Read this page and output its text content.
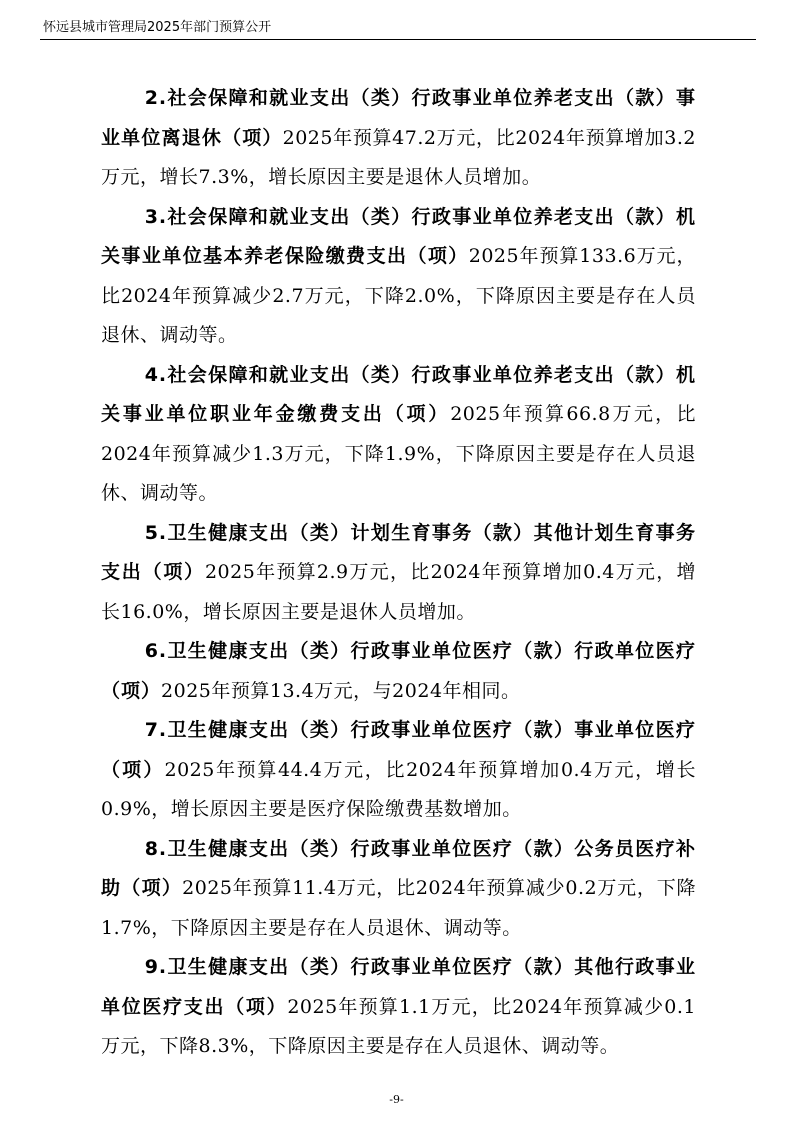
怀远县城市管理局2025年部门预算公开

2.社会保障和就业支出（类）行政事业单位养老支出（款）事业单位离退休（项）2025年预算47.2万元，比2024年预算增加3.2万元，增长7.3%，增长原因主要是退休人员增加。

3.社会保障和就业支出（类）行政事业单位养老支出（款）机关事业单位基本养老保险缴费支出（项）2025年预算133.6万元，比2024年预算减少2.7万元，下降2.0%，下降原因主要是存在人员退休、调动等。

4.社会保障和就业支出（类）行政事业单位养老支出（款）机关事业单位职业年金缴费支出（项）2025年预算66.8万元，比2024年预算减少1.3万元，下降1.9%，下降原因主要是存在人员退休、调动等。

5.卫生健康支出（类）计划生育事务（款）其他计划生育事务支出（项）2025年预算2.9万元，比2024年预算增加0.4万元，增长16.0%，增长原因主要是退休人员增加。

6.卫生健康支出（类）行政事业单位医疗（款）行政单位医疗（项）2025年预算13.4万元，与2024年相同。

7.卫生健康支出（类）行政事业单位医疗（款）事业单位医疗（项）2025年预算44.4万元，比2024年预算增加0.4万元，增长0.9%，增长原因主要是医疗保险缴费基数增加。

8.卫生健康支出（类）行政事业单位医疗（款）公务员医疗补助（项）2025年预算11.4万元，比2024年预算减少0.2万元，下降1.7%，下降原因主要是存在人员退休、调动等。

9.卫生健康支出（类）行政事业单位医疗（款）其他行政事业单位医疗支出（项）2025年预算1.1万元，比2024年预算减少0.1万元，下降8.3%，下降原因主要是存在人员退休、调动等。

-9-
